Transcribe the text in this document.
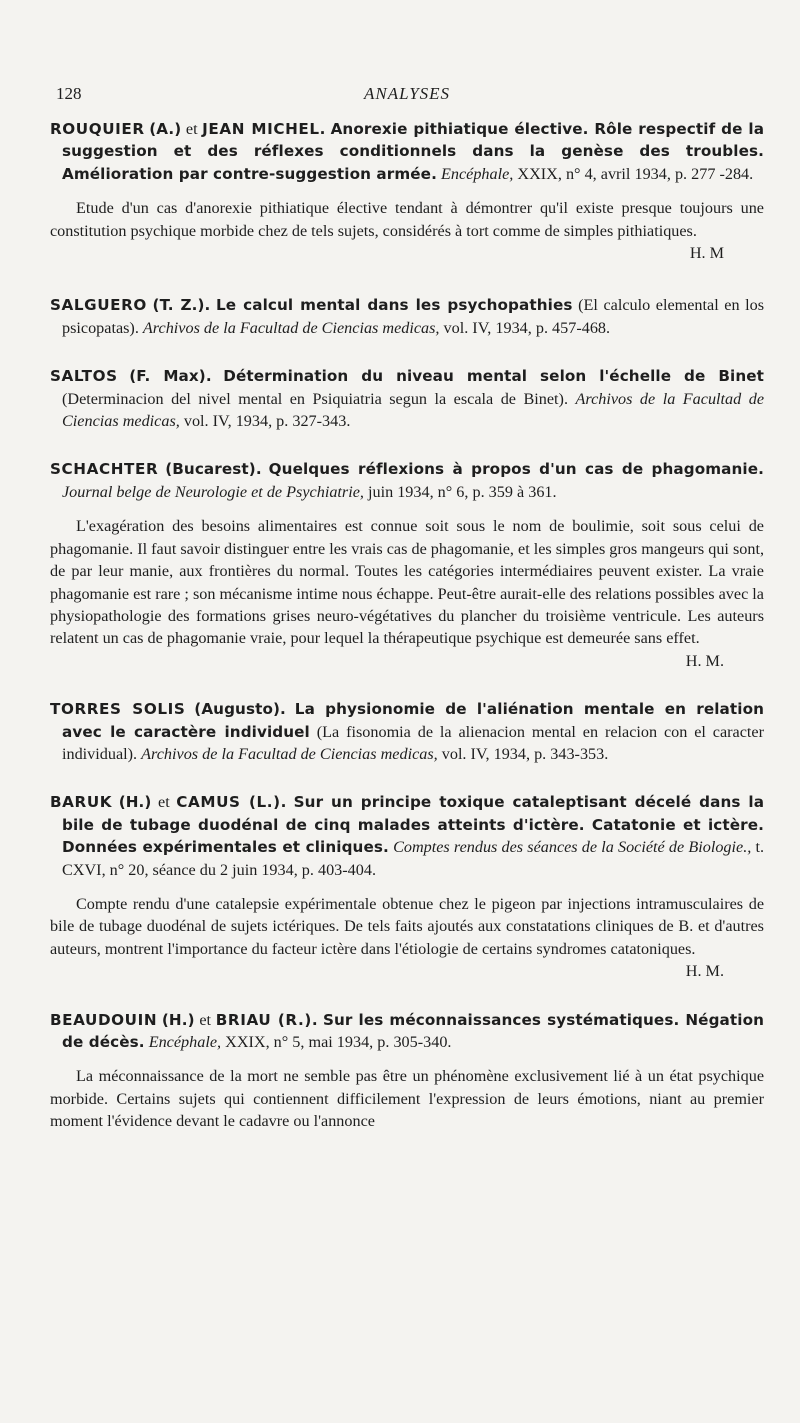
128	ANALYSES

ROUQUIER (A.) et JEAN MICHEL. Anorexie pithiatique élective. Rôle respectif de la suggestion et des réflexes conditionnels dans la genèse des troubles. Amélioration par contre-suggestion armée. Encéphale, XXIX, n° 4, avril 1934, p. 277 -284.

Etude d'un cas d'anorexie pithiatique élective tendant à démontrer qu'il existe presque toujours une constitution psychique morbide chez de tels sujets, considérés à tort comme de simples pithiatiques.
H. M

SALGUERO (T. Z.). Le calcul mental dans les psychopathies (El calculo elemental en los psicopatas). Archivos de la Facultad de Ciencias medicas, vol. IV, 1934, p. 457-468.

SALTOS (F. Max). Détermination du niveau mental selon l'échelle de Binet (Determinacion del nivel mental en Psiquiatria segun la escala de Binet). Archivos de la Facultad de Ciencias medicas, vol. IV, 1934, p. 327-343.

SCHACHTER (Bucarest). Quelques réflexions à propos d'un cas de phagomanie. Journal belge de Neurologie et de Psychiatrie, juin 1934, n° 6, p. 359 à 361.

L'exagération des besoins alimentaires est connue soit sous le nom de boulimie, soit sous celui de phagomanie. Il faut savoir distinguer entre les vrais cas de phagomanie, et les simples gros mangeurs qui sont, de par leur manie, aux frontières du normal. Toutes les catégories intermédiaires peuvent exister. La vraie phagomanie est rare ; son mécanisme intime nous échappe. Peut-être aurait-elle des relations possibles avec la physiopathologie des formations grises neuro-végétatives du plancher du troisième ventricule. Les auteurs relatent un cas de phagomanie vraie, pour lequel la thérapeutique psychique est demeurée sans effet.
H. M.

TORRES SOLIS (Augusto). La physionomie de l'aliénation mentale en relation avec le caractère individuel (La fisonomia de la alienacion mental en relacion con el caracter individual). Archivos de la Facultad de Ciencias medicas, vol. IV, 1934, p. 343-353.

BARUK (H.) et CAMUS (L.). Sur un principe toxique cataleptisant décelé dans la bile de tubage duodénal de cinq malades atteints d'ictère. Catatonie et ictère. Données expérimentales et cliniques. Comptes rendus des séances de la Société de Biologie., t. CXVI, n° 20, séance du 2 juin 1934, p. 403-404.

Compte rendu d'une catalepsie expérimentale obtenue chez le pigeon par injections intramusculaires de bile de tubage duodénal de sujets ictériques. De tels faits ajoutés aux constatations cliniques de B. et d'autres auteurs, montrent l'importance du facteur ictère dans l'étiologie de certains syndromes catatoniques.
H. M.

BEAUDOUIN (H.) et BRIAU (R.). Sur les méconnaissances systématiques. Négation de décès. Encéphale, XXIX, n° 5, mai 1934, p. 305-340.

La méconnaissance de la mort ne semble pas être un phénomène exclusivement lié à un état psychique morbide. Certains sujets qui contiennent difficilement l'expression de leurs émotions, niant au premier moment l'évidence devant le cadavre ou l'annonce
